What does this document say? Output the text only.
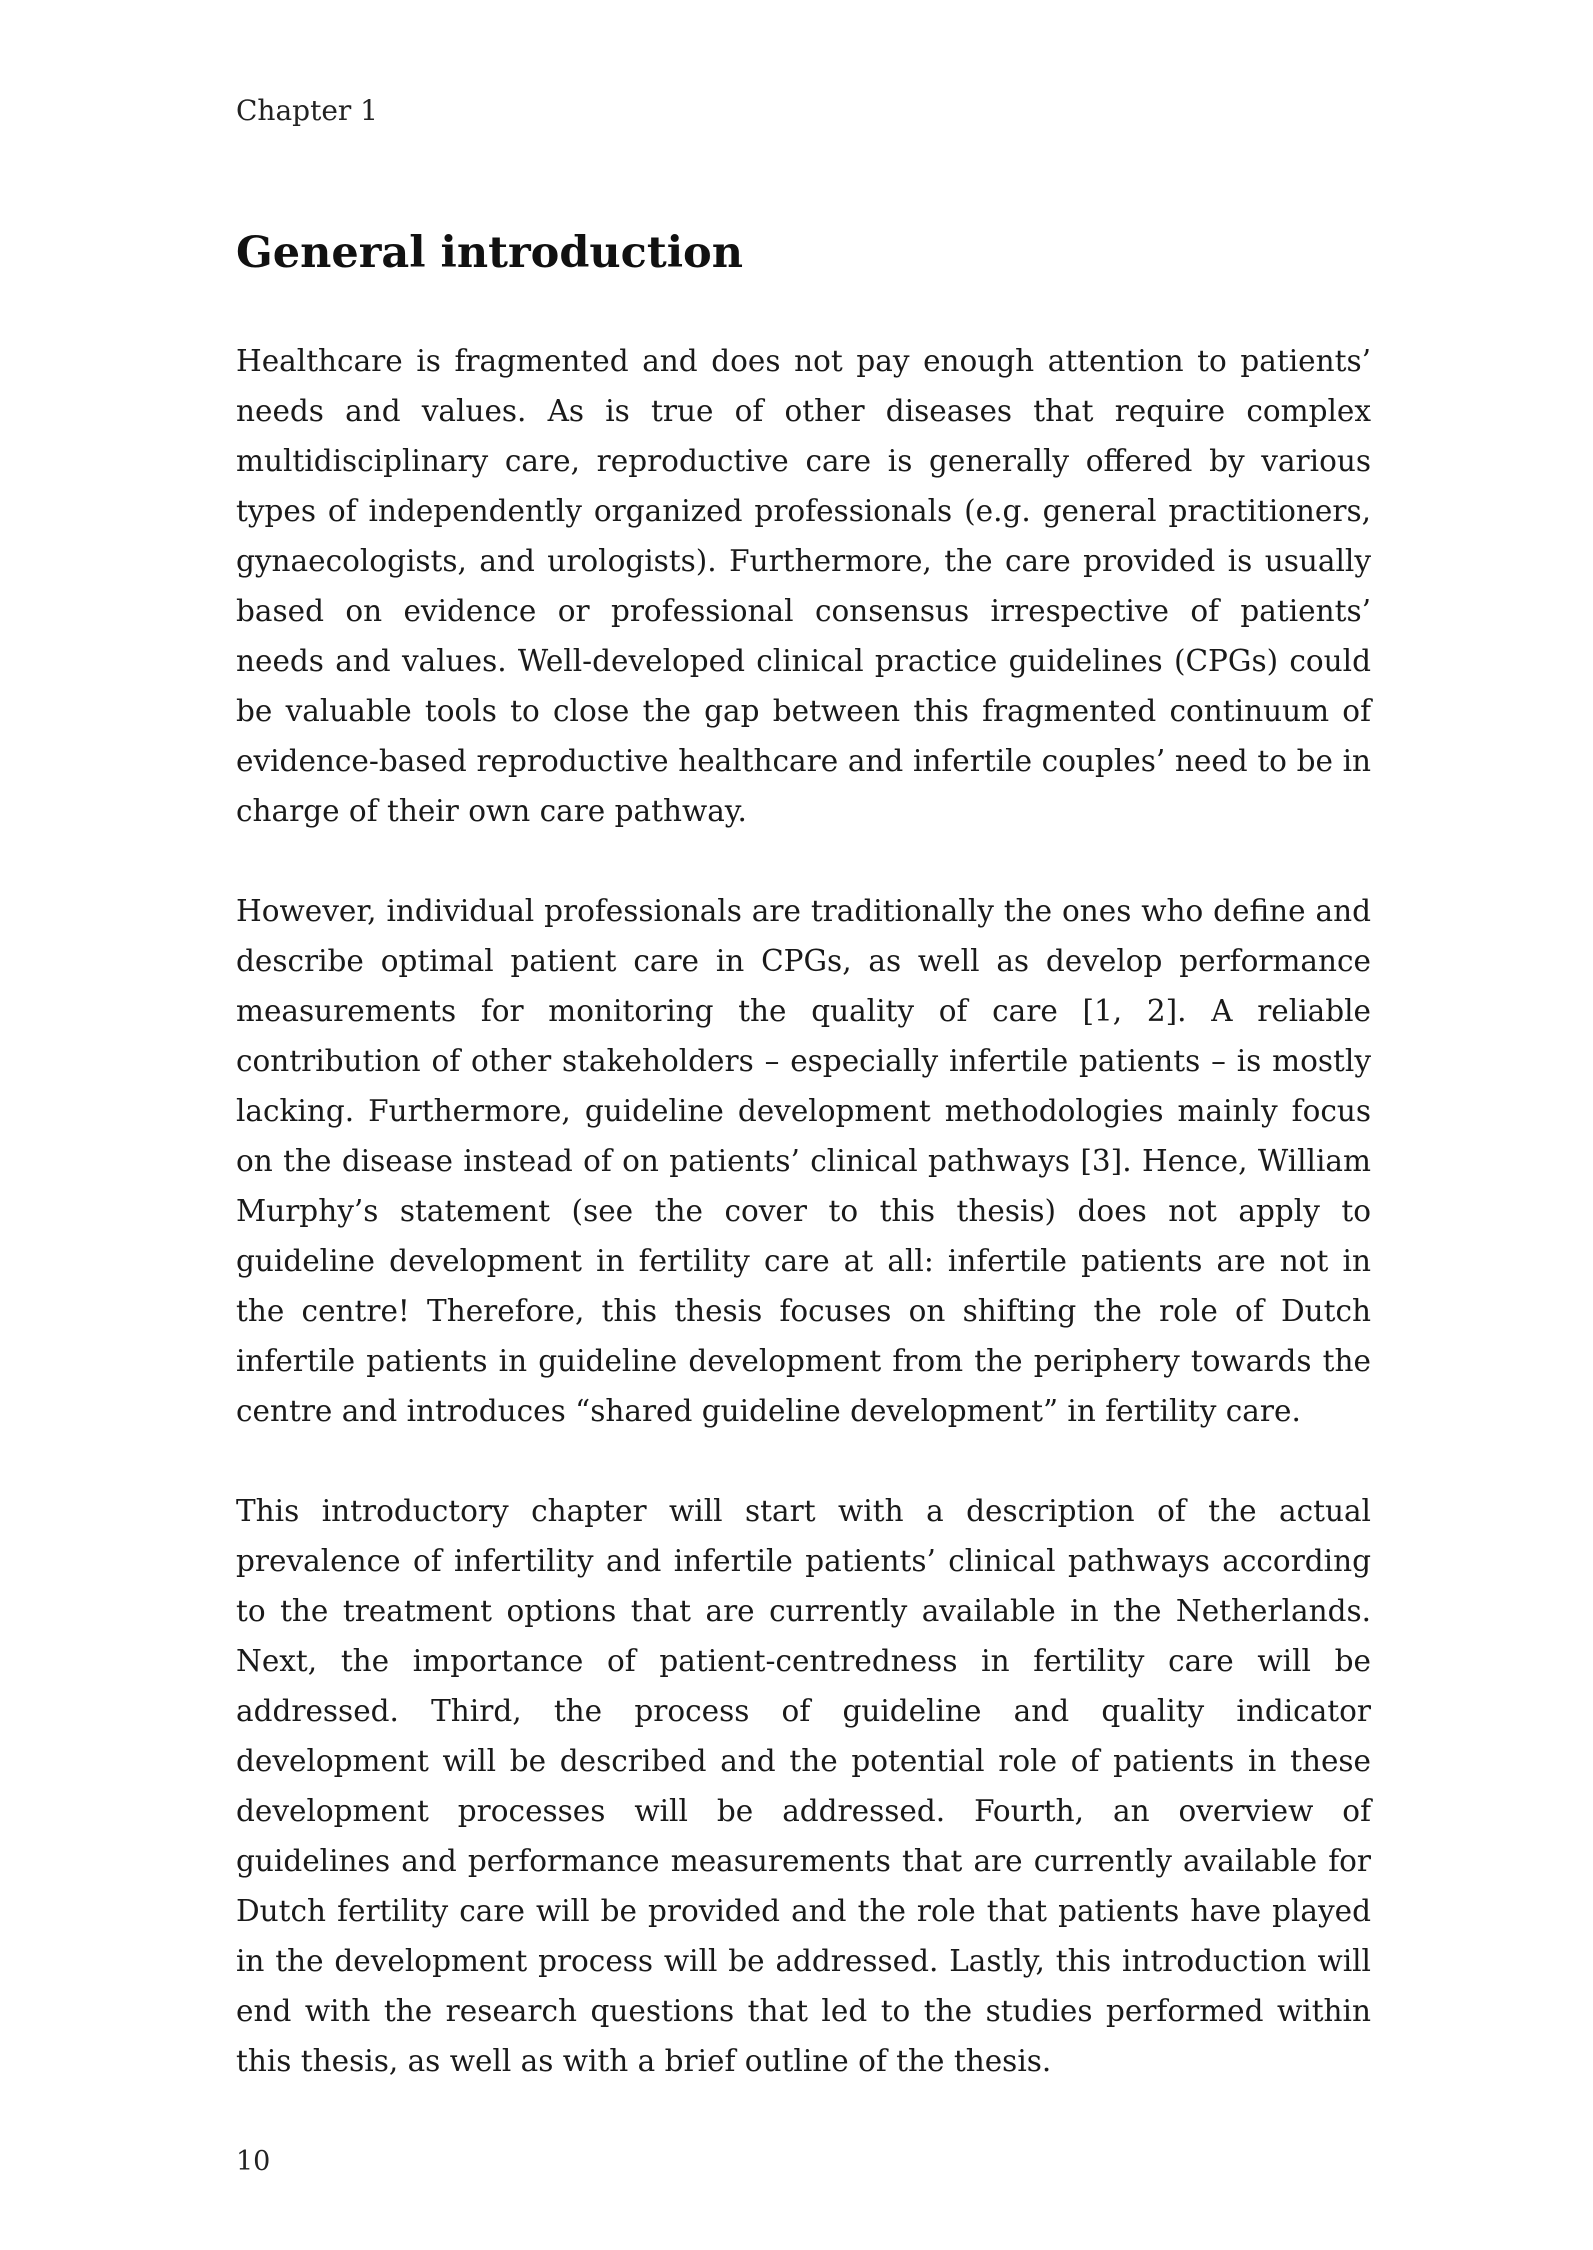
Chapter 1
General introduction

Healthcare is fragmented and does not pay enough attention to patients’ needs and values. As is true of other diseases that require complex multidisciplinary care, reproductive care is generally offered by various types of independently organized professionals (e.g. general practitioners, gynaecologists, and urologists). Furthermore, the care provided is usually based on evidence or professional consensus irrespective of patients’ needs and values. Well-developed clinical practice guidelines (CPGs) could be valuable tools to close the gap between this fragmented continuum of evidence-based reproductive healthcare and infertile couples’ need to be in charge of their own care pathway.

However, individual professionals are traditionally the ones who define and describe optimal patient care in CPGs, as well as develop performance measurements for monitoring the quality of care [1, 2]. A reliable contribution of other stakeholders – especially infertile patients – is mostly lacking. Furthermore, guideline development methodologies mainly focus on the disease instead of on patients’ clinical pathways [3]. Hence, William Murphy’s statement (see the cover to this thesis) does not apply to guideline development in fertility care at all: infertile patients are not in the centre! Therefore, this thesis focuses on shifting the role of Dutch infertile patients in guideline development from the periphery towards the centre and introduces “shared guideline development” in fertility care.

This introductory chapter will start with a description of the actual prevalence of infertility and infertile patients’ clinical pathways according to the treatment options that are currently available in the Netherlands. Next, the importance of patient-centredness in fertility care will be addressed. Third, the process of guideline and quality indicator development will be described and the potential role of patients in these development processes will be addressed. Fourth, an overview of guidelines and performance measurements that are currently available for Dutch fertility care will be provided and the role that patients have played in the development process will be addressed. Lastly, this introduction will end with the research questions that led to the studies performed within this thesis, as well as with a brief outline of the thesis.

10
